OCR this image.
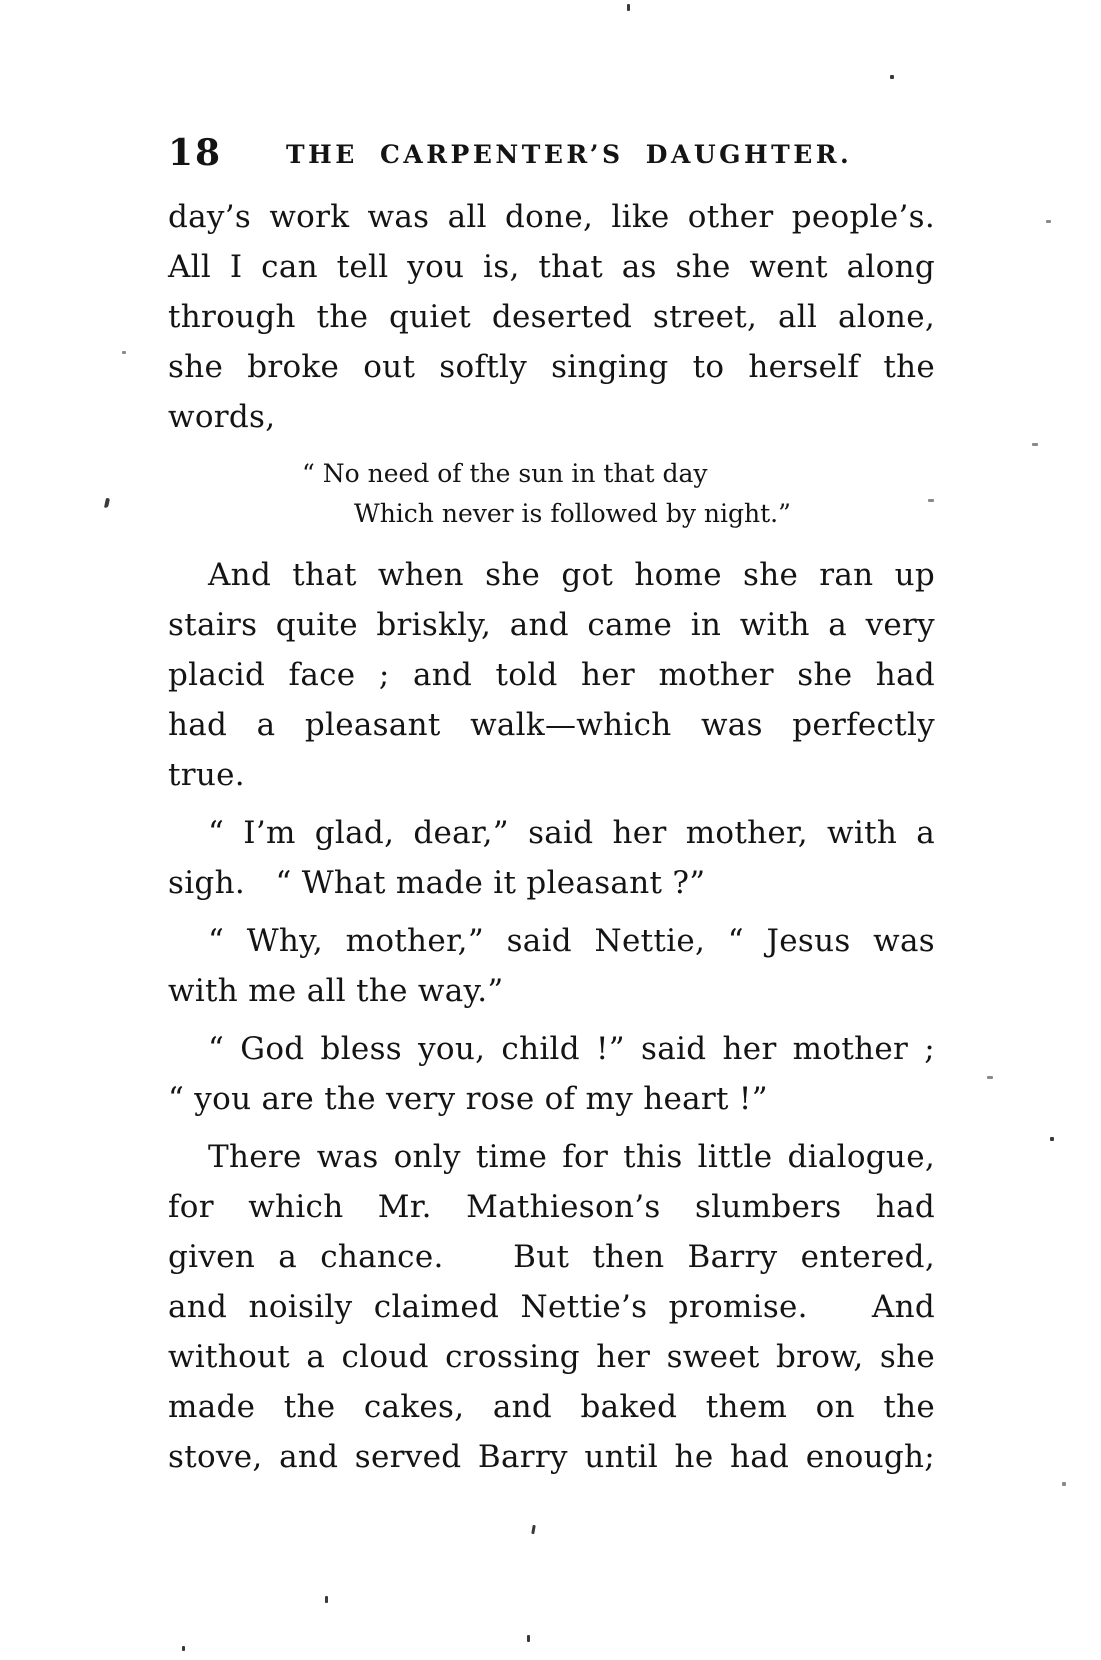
18	THE CARPENTER’S DAUGHTER.
day’s work was all done, like other people’s.
All I can tell you is, that as she went along
through the quiet deserted street, all alone,
she broke out softly singing to herself the
words,
“ No need of the sun in that day
Which never is followed by night.”
And that when she got home she ran up
stairs quite briskly, and came in with a very
placid face ; and told her mother she had
had a pleasant walk—which was perfectly
true.
“ I’m glad, dear,” said her mother, with a
sigh.   “ What made it pleasant ?”
“ Why, mother,” said Nettie, “ Jesus was
with me all the way.”
“ God bless you, child !” said her mother ;
“ you are the very rose of my heart !”
There was only time for this little dialogue,
for which Mr. Mathieson’s slumbers had
given a chance.   But then Barry entered,
and noisily claimed Nettie’s promise.   And
without a cloud crossing her sweet brow, she
made the cakes, and baked them on the
stove, and served Barry until he had enough;
